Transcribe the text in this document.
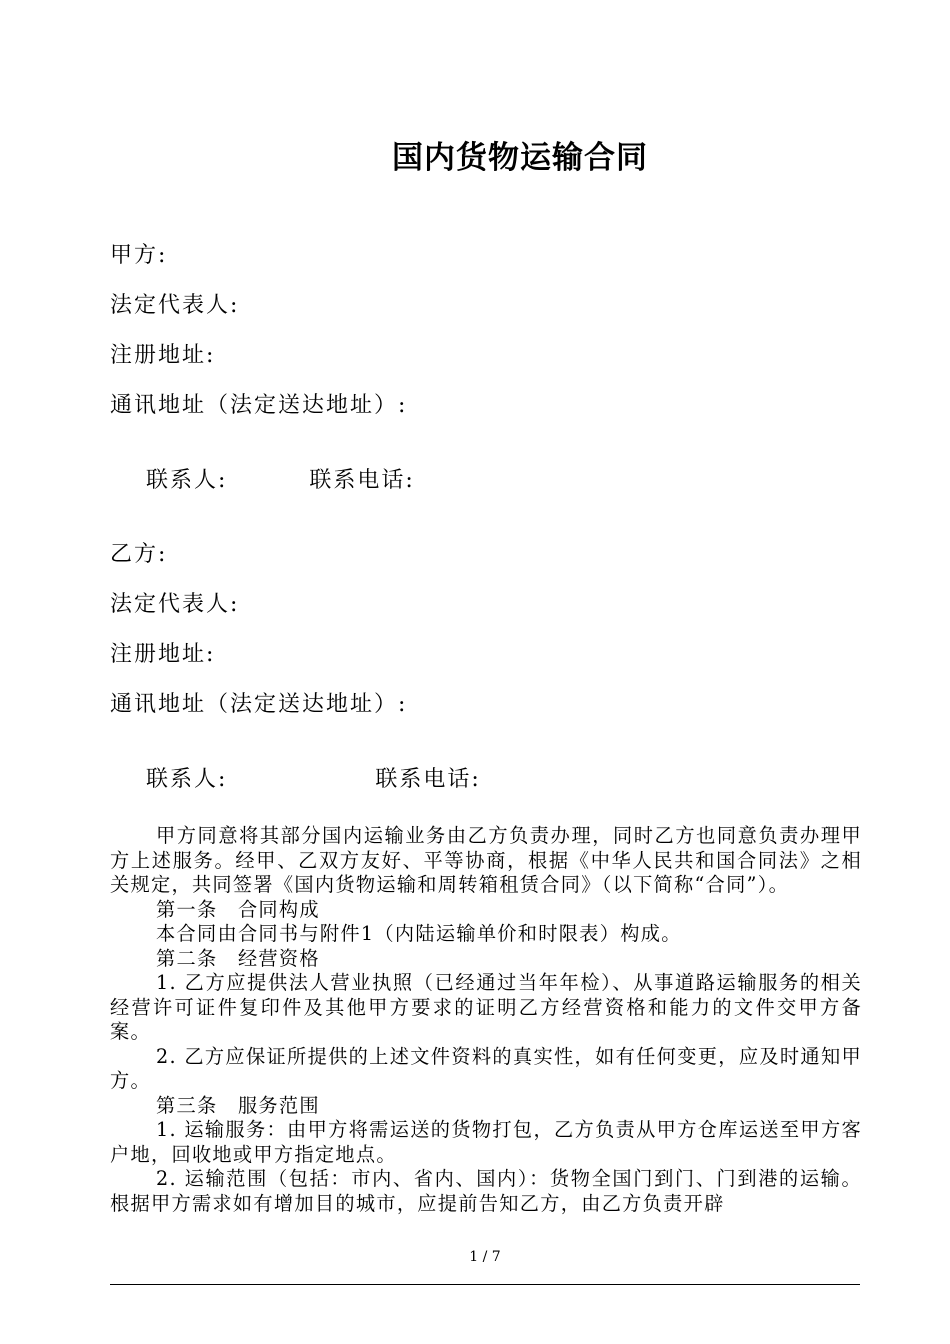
国内货物运输合同
甲方:
法定代表人:
注册地址:
通讯地址（法定送达地址）:

联系人:	联系电话:

乙方:
法定代表人:
注册地址:
通讯地址（法定送达地址）:

联系人:	联系电话:

甲方同意将其部分国内运输业务由乙方负责办理，同时乙方也同意负责办理甲方上述服务。经甲、乙双方友好、平等协商，根据《中华人民共和国合同法》之相关规定，共同签署《国内货物运输和周转箱租赁合同》（以下简称“合同”）。

第一条　合同构成

本合同由合同书与附件1（内陆运输单价和时限表）构成。

第二条　经营资格

1. 乙方应提供法人营业执照（已经通过当年年检）、从事道路运输服务的相关经营许可证件复印件及其他甲方要求的证明乙方经营资格和能力的文件交甲方备案。

2. 乙方应保证所提供的上述文件资料的真实性，如有任何变更，应及时通知甲方。

第三条　服务范围

1. 运输服务：由甲方将需运送的货物打包，乙方负责从甲方仓库运送至甲方客户地，回收地或甲方指定地点。

2. 运输范围（包括：市内、省内、国内）：货物全国门到门、门到港的运输。根据甲方需求如有增加目的城市，应提前告知乙方，由乙方负责开辟

1 / 7
